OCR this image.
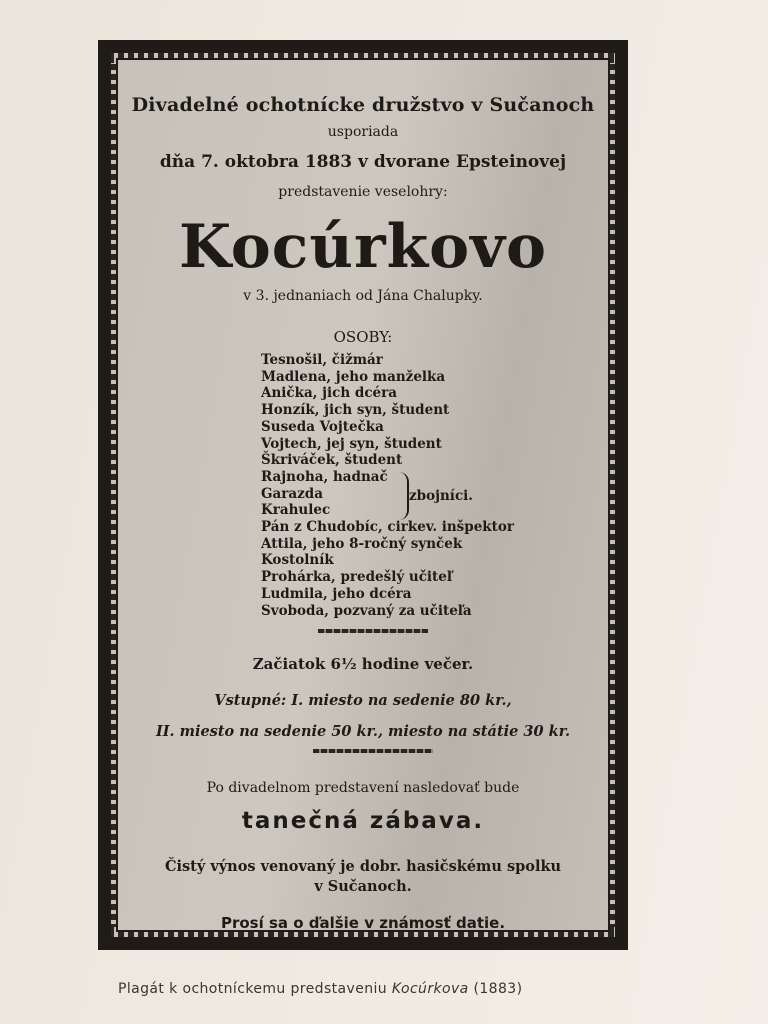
Divadelné ochotnícke družstvo v Sučanoch
usporiada
dňa 7. oktobra 1883 v dvorane Epsteinovej
predstavenie veselohry:
Kocúrkovo
v 3. jednaniach od Jána Chalupky.
OSOBY:
Tesnošil, čižmár
Madlena, jeho manželka
Anička, jich dcéra
Honzík, jich syn, študent
Suseda Vojtečka
Vojtech, jej syn, študent
Škriváček, študent
Rajnoha, hadnač
Garazda
Krahulec
Pán z Chudobíc, cirkev. inšpektor
Attila, jeho 8-ročný synček
Kostolník
Prohárka, predešlý učiteľ
Ludmila, jeho dcéra
Svoboda, pozvaný za učiteľa
zbojníci.
Začiatok 6½ hodine večer.
Vstupné: I. miesto na sedenie 80 kr.,
II. miesto na sedenie 50 kr., miesto na státie 30 kr.
Po divadelnom predstavení nasledovať bude
tanečná zábava.
Čistý výnos venovaný je dobr. hasičskému spolku
v Sučanoch.
Prosí sa o ďalšie v známosť datie.
Plagát k ochotníckemu predstaveniu Kocúrkova (1883)
